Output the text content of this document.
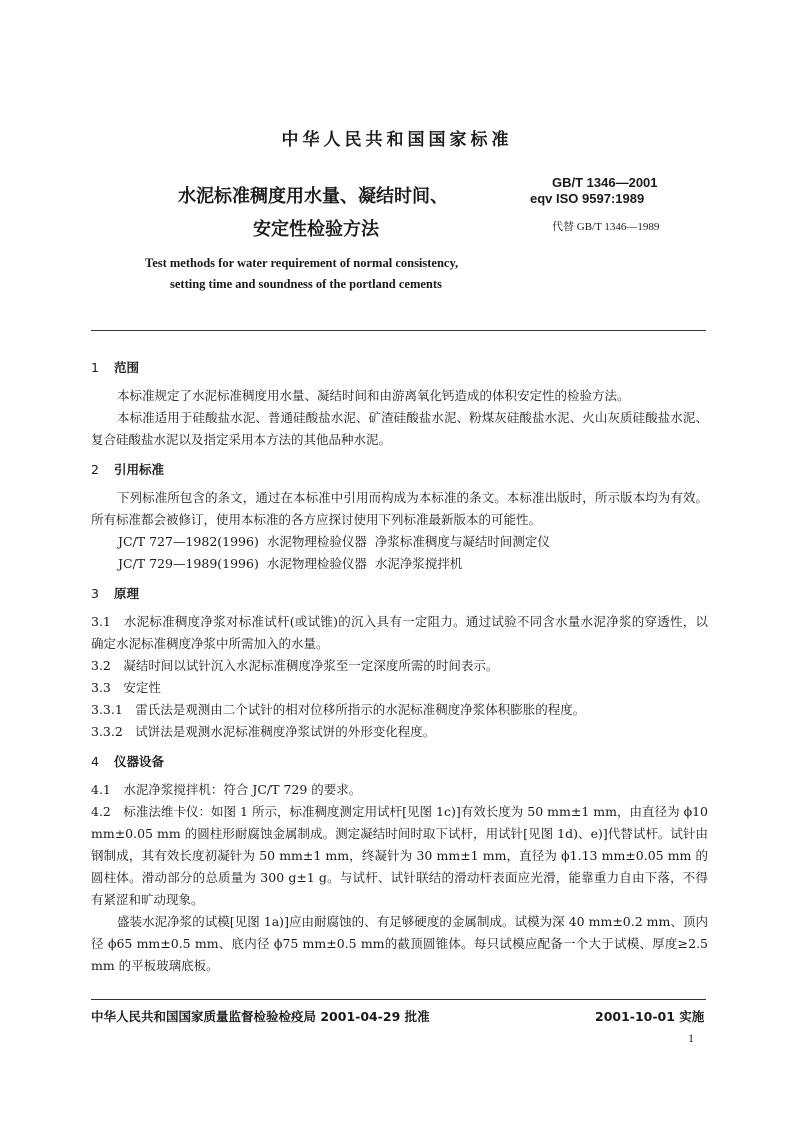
中华人民共和国国家标准
水泥标准稠度用水量、凝结时间、
安定性检验方法
GB/T 1346—2001
eqv ISO 9597:1989
代替 GB/T 1346—1989
Test methods for water requirement of normal consistency,
setting time and soundness of the portland cements

1 范围

本标准规定了水泥标准稠度用水量、凝结时间和由游离氧化钙造成的体积安定性的检验方法。

本标准适用于硅酸盐水泥、普通硅酸盐水泥、矿渣硅酸盐水泥、粉煤灰硅酸盐水泥、火山灰质硅酸盐水泥、复合硅酸盐水泥以及指定采用本方法的其他品种水泥。

2 引用标准

下列标准所包含的条文，通过在本标准中引用而构成为本标准的条文。本标准出版时，所示版本均为有效。所有标准都会被修订，使用本标准的各方应探讨使用下列标准最新版本的可能性。

JC/T 727—1982(1996) 水泥物理检验仪器 净浆标准稠度与凝结时间测定仪

JC/T 729—1989(1996) 水泥物理检验仪器 水泥净浆搅拌机

3 原理

3.1　水泥标准稠度净浆对标准试杆(或试锥)的沉入具有一定阻力。通过试验不同含水量水泥净浆的穿透性，以确定水泥标准稠度净浆中所需加入的水量。

3.2　凝结时间以试针沉入水泥标准稠度净浆至一定深度所需的时间表示。

3.3　安定性

3.3.1　雷氏法是观测由二个试针的相对位移所指示的水泥标准稠度净浆体积膨胀的程度。

3.3.2　试饼法是观测水泥标准稠度净浆试饼的外形变化程度。

4 仪器设备

4.1　水泥净浆搅拌机：符合 JC/T 729 的要求。

4.2　标准法维卡仪：如图 1 所示，标准稠度测定用试杆[见图 1c)]有效长度为 50 mm±1 mm，由直径为 ϕ10 mm±0.05 mm 的圆柱形耐腐蚀金属制成。测定凝结时间时取下试杆，用试针[见图 1d)、e)]代替试杆。试针由钢制成，其有效长度初凝针为 50 mm±1 mm，终凝针为 30 mm±1 mm，直径为 ϕ1.13 mm±0.05 mm 的圆柱体。滑动部分的总质量为 300 g±1 g。与试杆、试针联结的滑动杆表面应光滑，能靠重力自由下落，不得有紧涩和旷动现象。

盛装水泥净浆的试模[见图 1a)]应由耐腐蚀的、有足够硬度的金属制成。试模为深 40 mm±0.2 mm、顶内径 ϕ65 mm±0.5 mm、底内径 ϕ75 mm±0.5 mm的截顶圆锥体。每只试模应配备一个大于试模、厚度≥2.5 mm 的平板玻璃底板。

中华人民共和国国家质量监督检验检疫局 2001-04-29 批准	2001-10-01 实施
1
